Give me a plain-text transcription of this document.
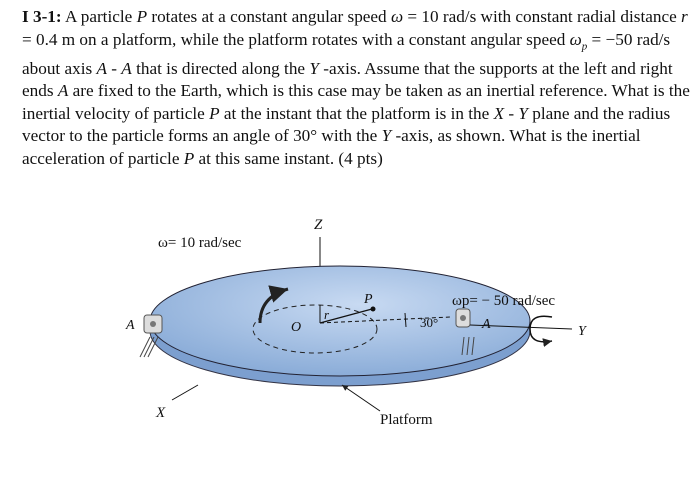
I 3-1: A particle P rotates at a constant angular speed ω = 10 rad/s with constant radial distance r = 0.4 m on a platform, while the platform rotates with a constant angular speed $\omega_p = -50$ rad/s about axis A - A that is directed along the Y -axis. Assume that the supports at the left and right ends A are fixed to the Earth, which is this case may be taken as an inertial reference. What is the inertial velocity of particle P at the instant that the platform is in the X - Y plane and the radius vector to the particle forms an angle of 30° with the Y -axis, as shown. What is the inertial acceleration of particle P at this same instant. (4 pts)

ω= 10 rad/sec
Z
P
O
r
30°
A	A	Y
ωp= − 50 rad/sec
X	Platform
